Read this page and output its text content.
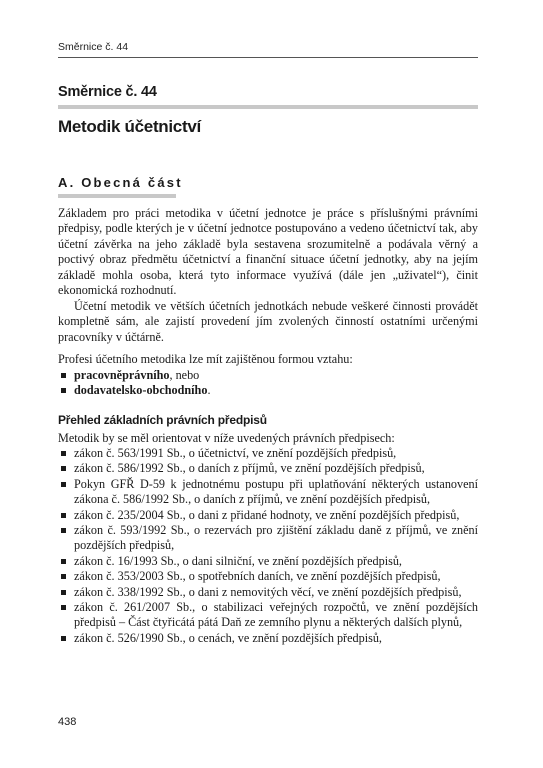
Směrnice č. 44
Směrnice č. 44
Metodik účetnictví
A. Obecná část

Základem pro práci metodika v účetní jednotce je práce s příslušnými právními předpisy, podle kterých je v účetní jednotce postupováno a vedeno účetnictví tak, aby účetní závěrka na jeho základě byla sestavena srozumitelně a podávala věrný a poctivý obraz předmětu účetnictví a finanční situace účetní jednotky, aby na jejím základě mohla osoba, která tyto informace využívá (dále jen „uživatel“), činit ekonomická rozhodnutí.

Účetní metodik ve větších účetních jednotkách nebude veškeré činnosti provádět kompletně sám, ale zajistí provedení jím zvolených činností ostatními určenými pracovníky v účtárně.

Profesi účetního metodika lze mít zajištěnou formou vztahu:

pracovněprávního, nebo
dodavatelsko-obchodního.
Přehled základních právních předpisů

Metodik by se měl orientovat v níže uvedených právních předpisech:

zákon č. 563/1991 Sb., o účetnictví, ve znění pozdějších předpisů,
zákon č. 586/1992 Sb., o daních z příjmů, ve znění pozdějších předpisů,
Pokyn GFŘ D-59 k jednotnému postupu při uplatňování některých ustanovení zákona č. 586/1992 Sb., o daních z příjmů, ve znění pozdějších předpisů,
zákon č. 235/2004 Sb., o dani z přidané hodnoty, ve znění pozdějších předpisů,
zákon č. 593/1992 Sb., o rezervách pro zjištění základu daně z příjmů, ve znění pozdějších předpisů,
zákon č. 16/1993 Sb., o dani silniční, ve znění pozdějších předpisů,
zákon č. 353/2003 Sb., o spotřebních daních, ve znění pozdějších předpisů,
zákon č. 338/1992 Sb., o dani z nemovitých věcí, ve znění pozdějších předpisů,
zákon č. 261/2007 Sb., o stabilizaci veřejných rozpočtů, ve znění pozdějších předpisů – Část čtyřicátá pátá Daň ze zemního plynu a některých dalších plynů,
zákon č. 526/1990 Sb., o cenách, ve znění pozdějších předpisů,
438
